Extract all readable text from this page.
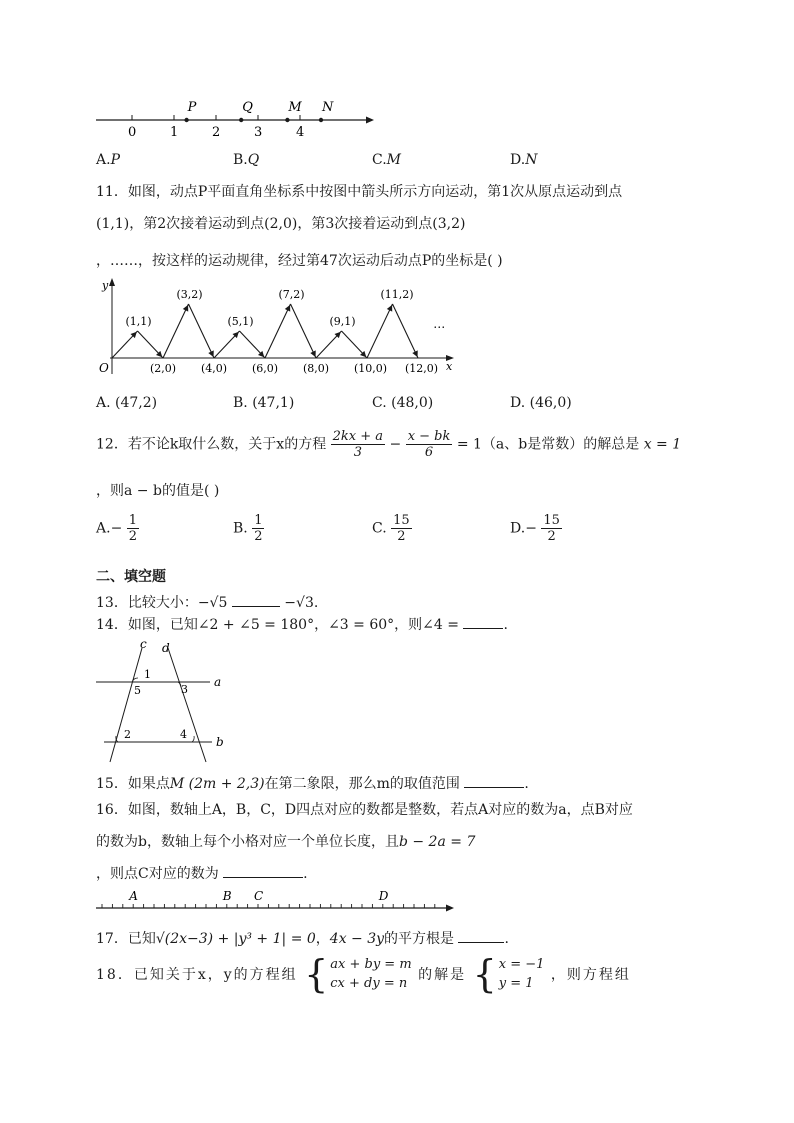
0	1	2	3	4
P	Q	M N
A.P	B.Q	C.M	D.N
11．如图，动点P平面直角坐标系中按图中箭头所示方向运动，第1次从原点运动到点
(1,1)，第2次接着运动到点(2,0)，第3次接着运动到点(3,2)
，……，按这样的运动规律，经过第47次运动后动点P的坐标是( )
y
x
O
(1,1)
(2,0)
(3,2)
(4,0)
(5,1)
(6,0)
(7,2)
(8,0)
(9,1)
(10,0)
(11,2)
(12,0)
…
A. (47,2)	B. (47,1)	C. (48,0)	D. (46,0)
12．若不论k取什么数，关于x的方程 $\frac{2kx + a}{3} - \frac{x - bk}{6} = 1(a$、b是常数）的解总是 x = 1
，则a − b的值是( )
$A.- \frac{1}{2}$	B. $\frac{1}{2}$	C. $\frac{15}{2}$	$D.- \frac{15}{2}$
二、填空题
13．比较大小：−√5	−√3.
14．如图，已知∠2 + ∠5 = 180°，∠3 = 60°，则∠4 =	.
c d
a
b
1
5	3
2	4
15．如果点M (2m + 2,3)在第二象限，那么m的取值范围	.
16．如图，数轴上A，B，C，D四点对应的数都是整数，若点A对应的数为a，点B对应
的数为b，数轴上每个小格对应一个单位长度，且b − 2a = 7
，则点C对应的数为	.
A	B C	D
17．已知√(2x−3) + |y³ + 1| = 0，4x − 3y的平方根是	.
18．已知关于x，y的方程组 { ax + by = m
cx + dy = n
的解是 { x = −1
y = 1
，则方程组
